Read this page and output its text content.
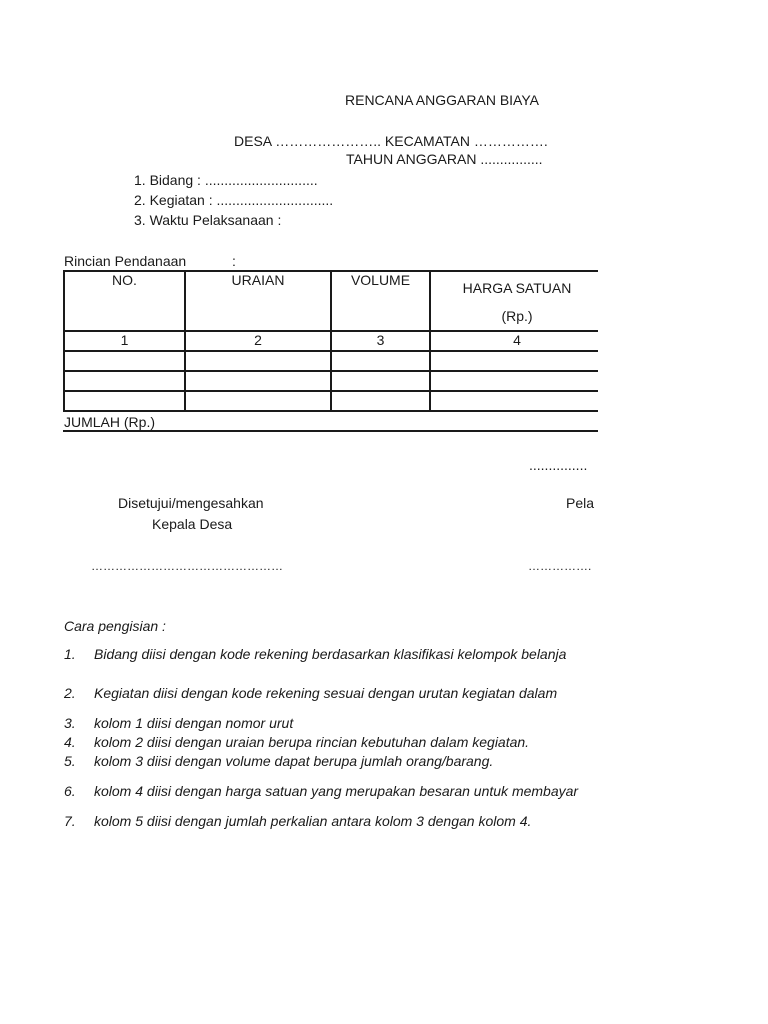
RENCANA ANGGARAN BIAYA
DESA ………………….. KECAMATAN …………….
TAHUN ANGGARAN ................
1. Bidang : .............................
2. Kegiatan : ..............................
3. Waktu Pelaksanaan :
Rincian Pendanaan	:
NO.	URAIAN	VOLUME	HARGA SATUAN
(Rp.)

1	2	3	4

JUMLAH (Rp.)
...............
Disetujui/mengesahkan
Kepala Desa
Pela
…………………………………………	…………….
Cara pengisian :
1. Bidang diisi dengan kode rekening berdasarkan klasifikasi kelompok belanja
2. Kegiatan diisi dengan kode rekening sesuai dengan urutan kegiatan dalam
3. kolom 1 diisi dengan nomor urut
4. kolom 2 diisi dengan uraian berupa rincian kebutuhan dalam kegiatan.
5. kolom 3 diisi dengan volume dapat berupa jumlah orang/barang.
6. kolom 4 diisi dengan harga satuan yang merupakan besaran untuk membayar
7. kolom 5 diisi dengan jumlah perkalian antara kolom 3 dengan kolom 4.
